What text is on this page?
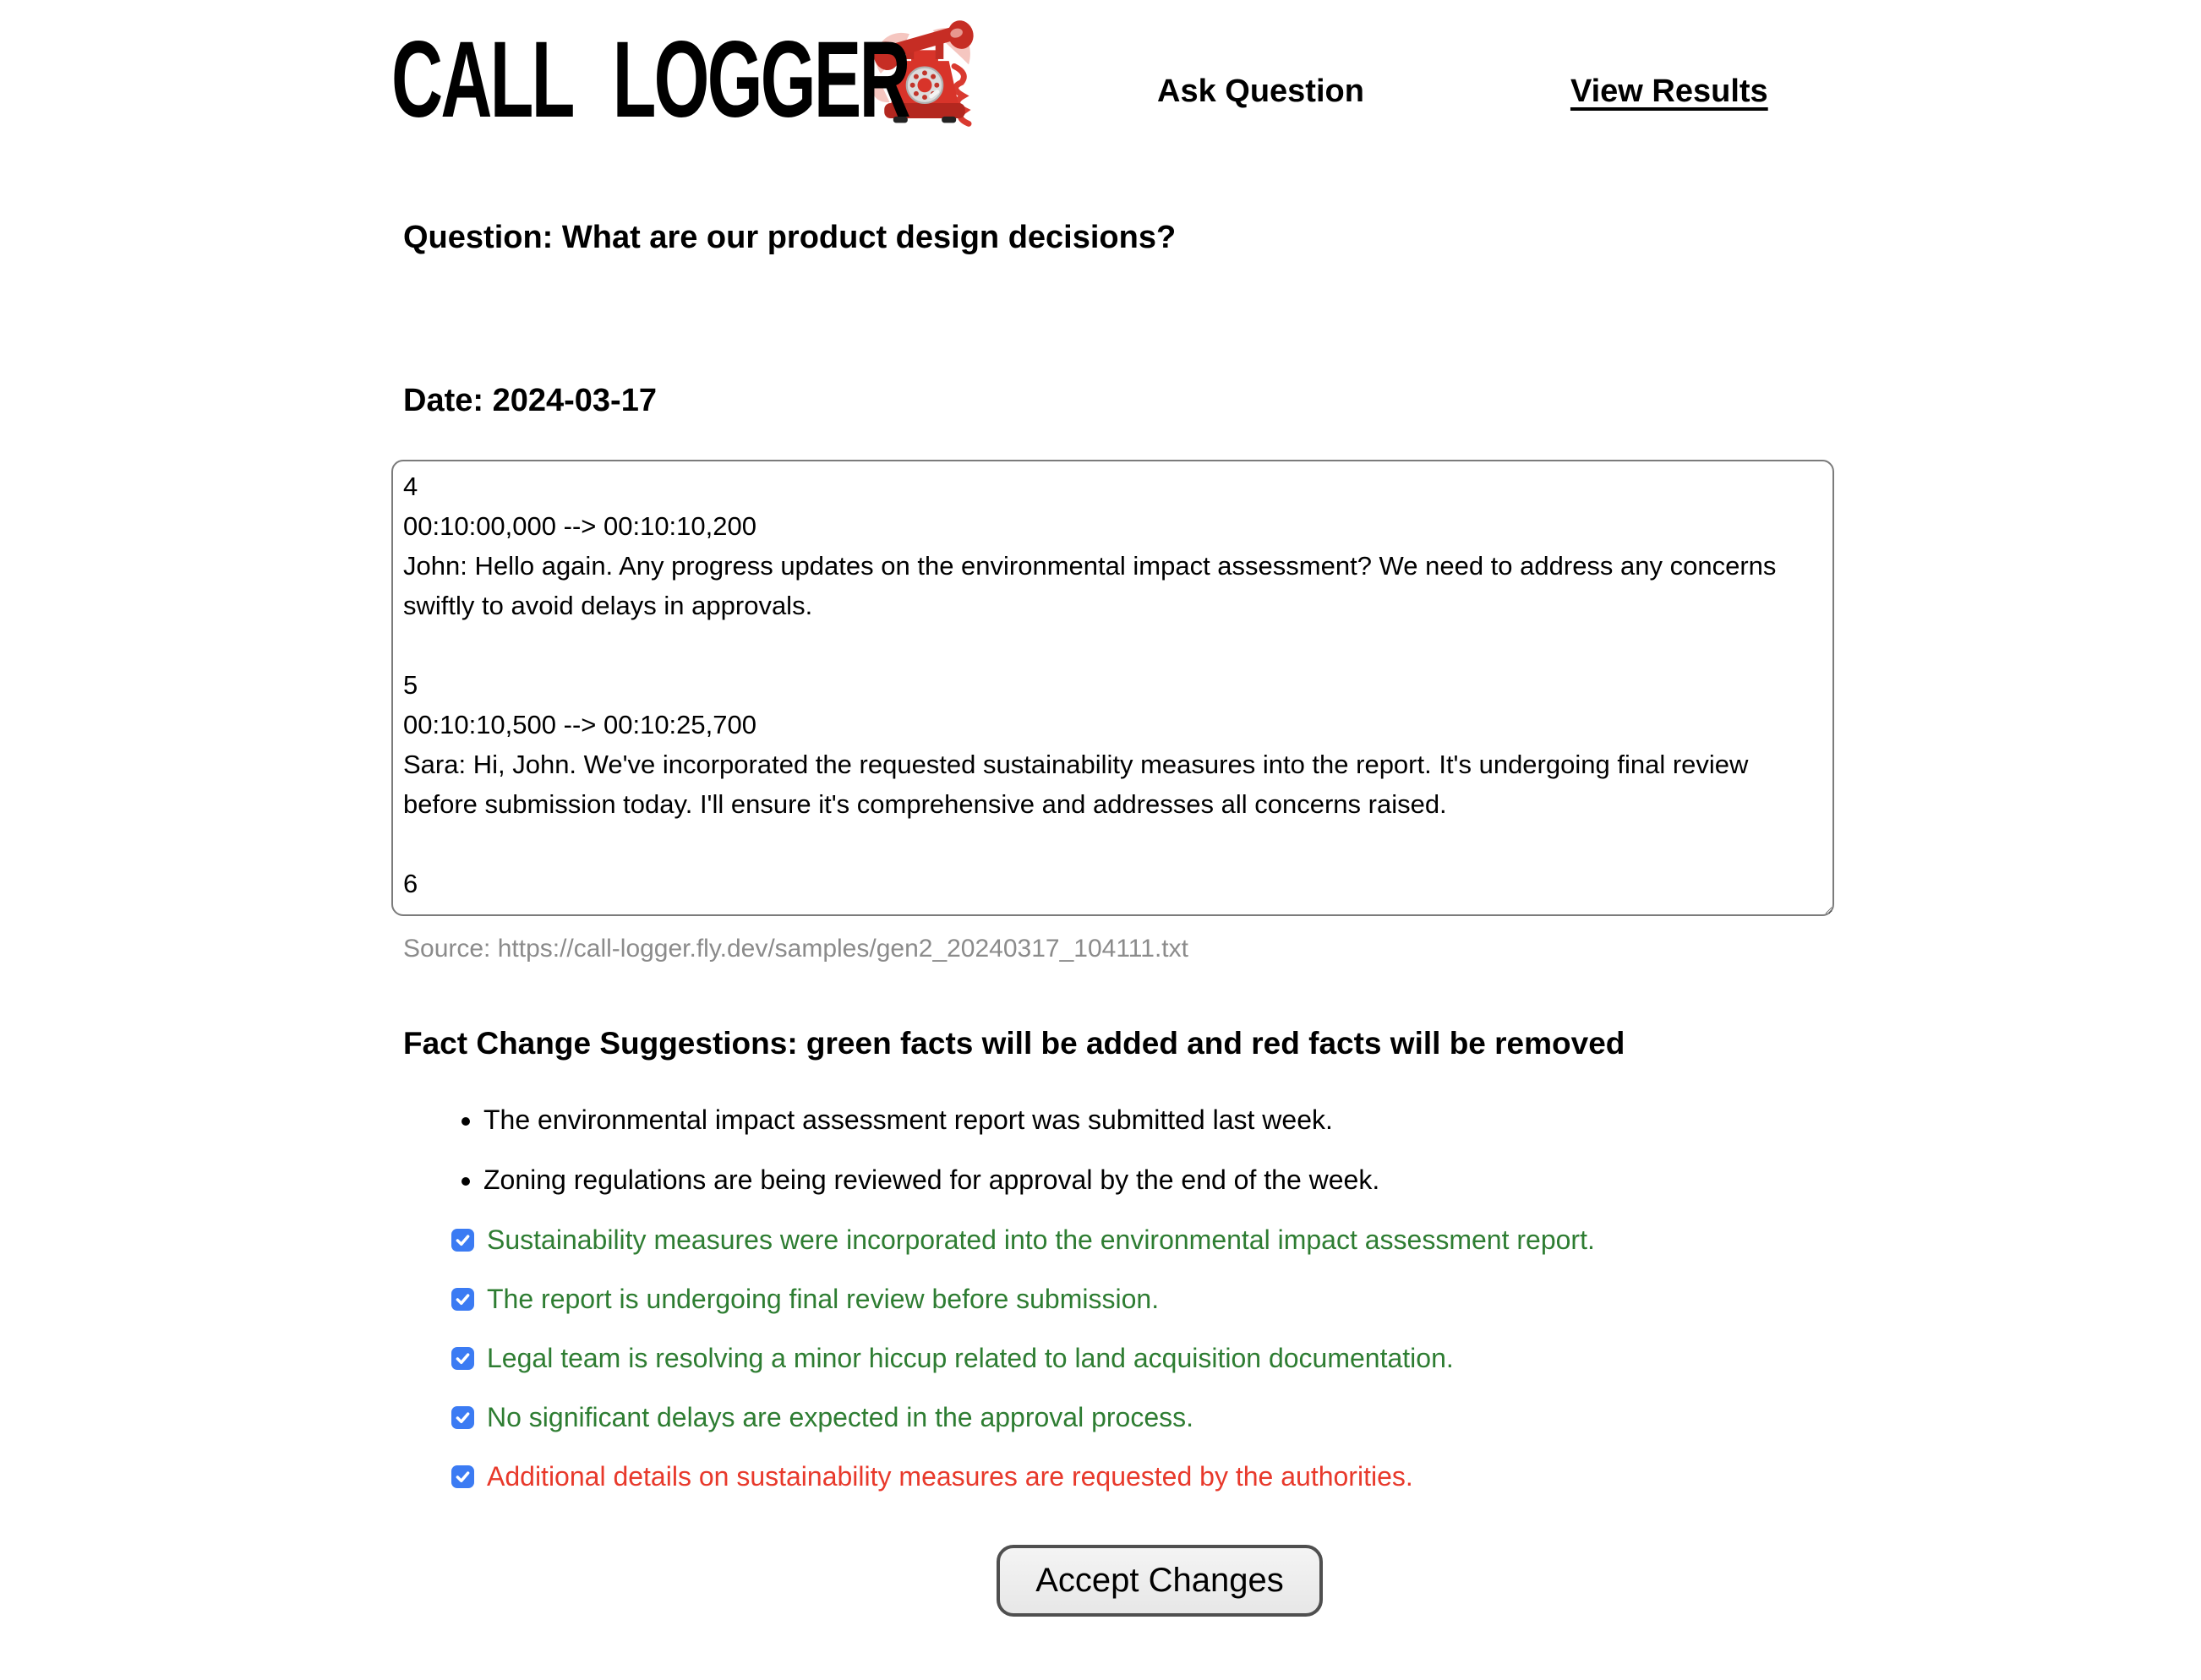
CALL LOGGER	Ask Question	View Results
Question: What are our product design decisions?
Date: 2024-03-17
4 00:10:00,000 --> 00:10:10,200 John: Hello again. Any progress updates on the environmental impact assessment? We need to address any concerns swiftly to avoid delays in approvals. 5 00:10:10,500 --> 00:10:25,700 Sara: Hi, John. We've incorporated the requested sustainability measures into the report. It's undergoing final review before submission today. I'll ensure it's comprehensive and addresses all concerns raised. 6
Source: https://call-logger.fly.dev/samples/gen2_20240317_104111.txt
Fact Change Suggestions: green facts will be added and red facts will be removed
• The environmental impact assessment report was submitted last week.
• Zoning regulations are being reviewed for approval by the end of the week.
Sustainability measures were incorporated into the environmental impact assessment report.
The report is undergoing final review before submission.
Legal team is resolving a minor hiccup related to land acquisition documentation.
No significant delays are expected in the approval process.
Additional details on sustainability measures are requested by the authorities.
Accept Changes
